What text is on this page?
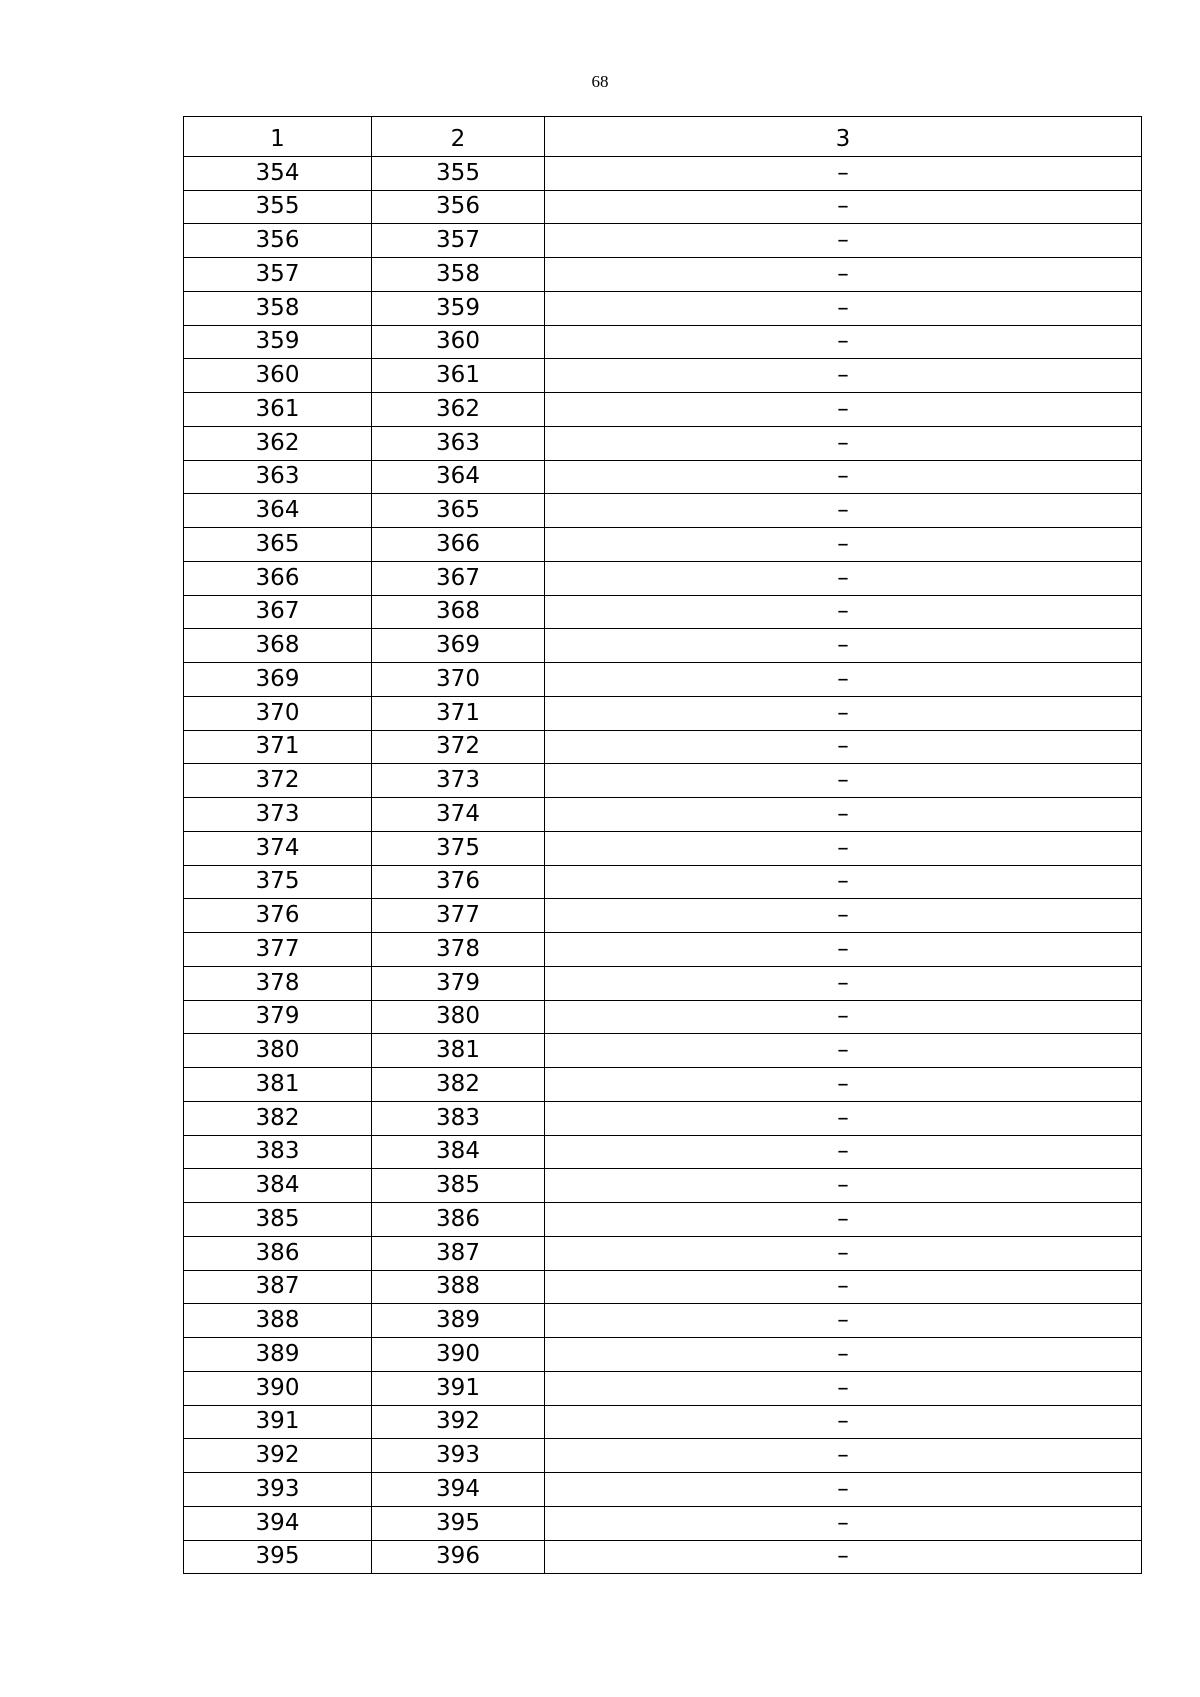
68
1	2	3
354	355	–
355	356	–
356	357	–
357	358	–
358	359	–
359	360	–
360	361	–
361	362	–
362	363	–
363	364	–
364	365	–
365	366	–
366	367	–
367	368	–
368	369	–
369	370	–
370	371	–
371	372	–
372	373	–
373	374	–
374	375	–
375	376	–
376	377	–
377	378	–
378	379	–
379	380	–
380	381	–
381	382	–
382	383	–
383	384	–
384	385	–
385	386	–
386	387	–
387	388	–
388	389	–
389	390	–
390	391	–
391	392	–
392	393	–
393	394	–
394	395	–
395	396	–
